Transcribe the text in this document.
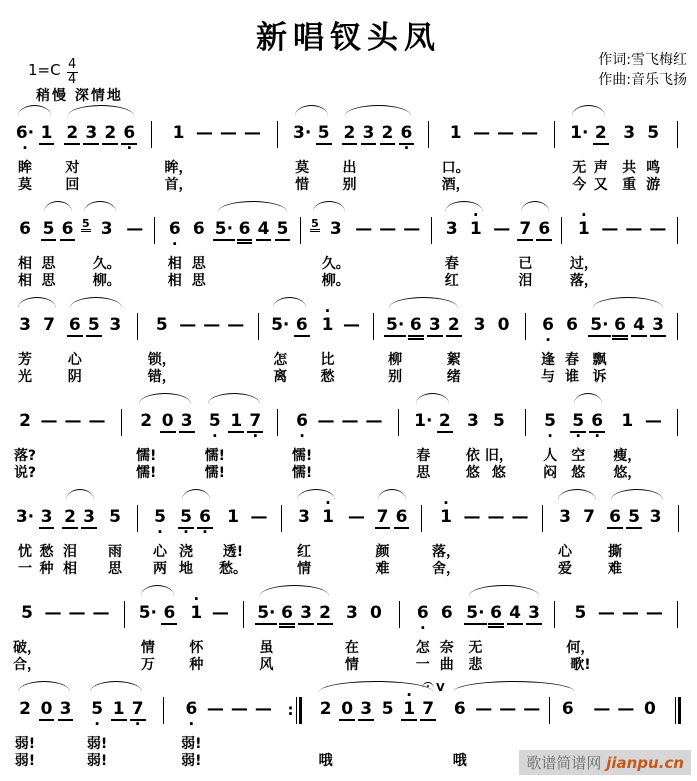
新唱钗头凤
作词:雪飞梅红
作曲:音乐飞扬
$1=C \frac{4}{4}$
稍慢 深情地

6·
·
眸
莫

1

2

对
回

3

2

6
·

1

眸，
首，

—

—

—

3·

莫
惜

5

2

出
别

3

2

6
·

1

口。
酒，

—

—

—

1·

无
今

2

声
又

3

共
重

5

鸣
游

6

相
相

5

思
思

6

5

3

久。
柳。

—

6
·
相
相

6

思
思

5·

6

4

5

5

3

久。
柳。

—

—

—

3

春
红
·
1

—

7

已
泪

6

·
1

过，
落，

—

—

—

3

芳
光

7

6

心
阴

5

3

5

锁，
错，

—

—

—

5·

怎
离

6

·
1

比
愁

—

5·

柳
别

6

3

2

絮
绪

3

0

6
·
逢
与

6

春
谁

5·

飘
诉

6

4

3

2

落?
说?

—

—

—

2

懦!
懦!

0

3

5
·
懦!
懦!

1

7
·

6
·
懦!
懦!

—

—

—

1·

春
思

2

3

依
悠

5

旧，
悠

5
·
人
闷

5
·
空
悠

6
·

1

瘦，
悠，

—

3·

忧
一

3

愁
种

2

泪
相

3

5

雨
思

5
·
心
两

5
·
浇
地

6
·

1

透!
愁。

—

3

红
情
·
1

—

7

颜
难

6

·
1

落，
舍，

—

—

—

3

心
爱

7

6

撕
难

5

3

5

破，
合，

—

—

—

5·

情
万

6

·
1

怀
种

—

5·

虽
风

6

3

2

3

在
情

0

6
·
怎
一

6

奈
曲

5·

无
悲

6

4

3

5

何，
歌!

—

—

—

2

弱!
弱!

0

3

5
·
弱!
弱!

1

7
·

6
·
弱!
弱!

—

—

—

:

2

哦

0

3

5

·
1

7

V

6

哦

—

—

—

6

—

—

0

歌谱简谱网 jianpu.cn
